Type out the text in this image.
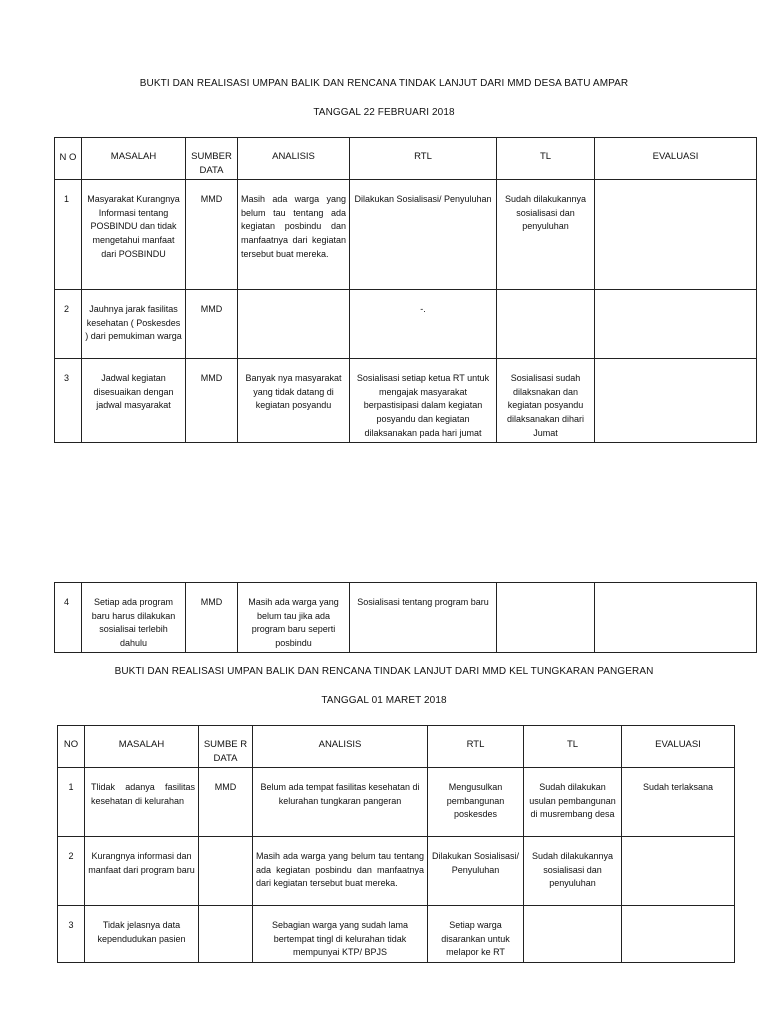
BUKTI DAN REALISASI UMPAN BALIK DAN RENCANA TINDAK LANJUT DARI MMD DESA BATU AMPAR
TANGGAL 22 FEBRUARI 2018
N O	MASALAH	SUMBER DATA	ANALISIS	RTL	TL	EVALUASI
1	Masyarakat Kurangnya Informasi tentang POSBINDU dan tidak mengetahui manfaat dari POSBINDU	MMD	Masih ada warga yang belum tau tentang ada kegiatan posbindu dan manfaatnya dari kegiatan tersebut buat mereka.	Dilakukan Sosialisasi/ Penyuluhan	Sudah dilakukannya sosialisasi dan penyuluhan	
2	Jauhnya jarak fasilitas kesehatan ( Poskesdes ) dari pemukiman warga	MMD		-.		
3	Jadwal kegiatan disesuaikan dengan jadwal masyarakat	MMD	Banyak nya masyarakat yang tidak datang di kegiatan posyandu	Sosialisasi setiap ketua RT untuk mengajak masyarakat berpastisipasi dalam kegiatan posyandu dan kegiatan dilaksanakan pada hari jumat	Sosialisasi sudah dilaksnakan dan kegiatan posyandu dilaksanakan dihari Jumat	
4	Setiap ada program baru harus dilakukan sosialisai terlebih dahulu	MMD	Masih ada warga yang belum tau jika ada program baru seperti posbindu	Sosialisasi tentang program baru		
BUKTI DAN REALISASI UMPAN BALIK DAN RENCANA TINDAK LANJUT DARI MMD KEL TUNGKARAN PANGERAN
TANGGAL 01 MARET 2018
NO	MASALAH	SUMBE R DATA	ANALISIS	RTL	TL	EVALUASI
1	Tlidak adanya fasilitas kesehatan di kelurahan	MMD	Belum ada tempat fasilitas kesehatan di kelurahan tungkaran pangeran	Mengusulkan pembangunan poskesdes	Sudah dilakukan usulan pembangunan di musrembang desa	Sudah terlaksana
2	Kurangnya informasi dan manfaat dari program baru		Masih ada warga yang belum tau tentang ada kegiatan posbindu dan manfaatnya dari kegiatan tersebut buat mereka.	Dilakukan Sosialisasi/ Penyuluhan	Sudah dilakukannya sosialisasi dan penyuluhan	
3	Tidak jelasnya data kependudukan pasien		Sebagian warga yang sudah lama bertempat tingl di kelurahan tidak mempunyai KTP/ BPJS	Setiap warga disarankan untuk melapor ke RT		
